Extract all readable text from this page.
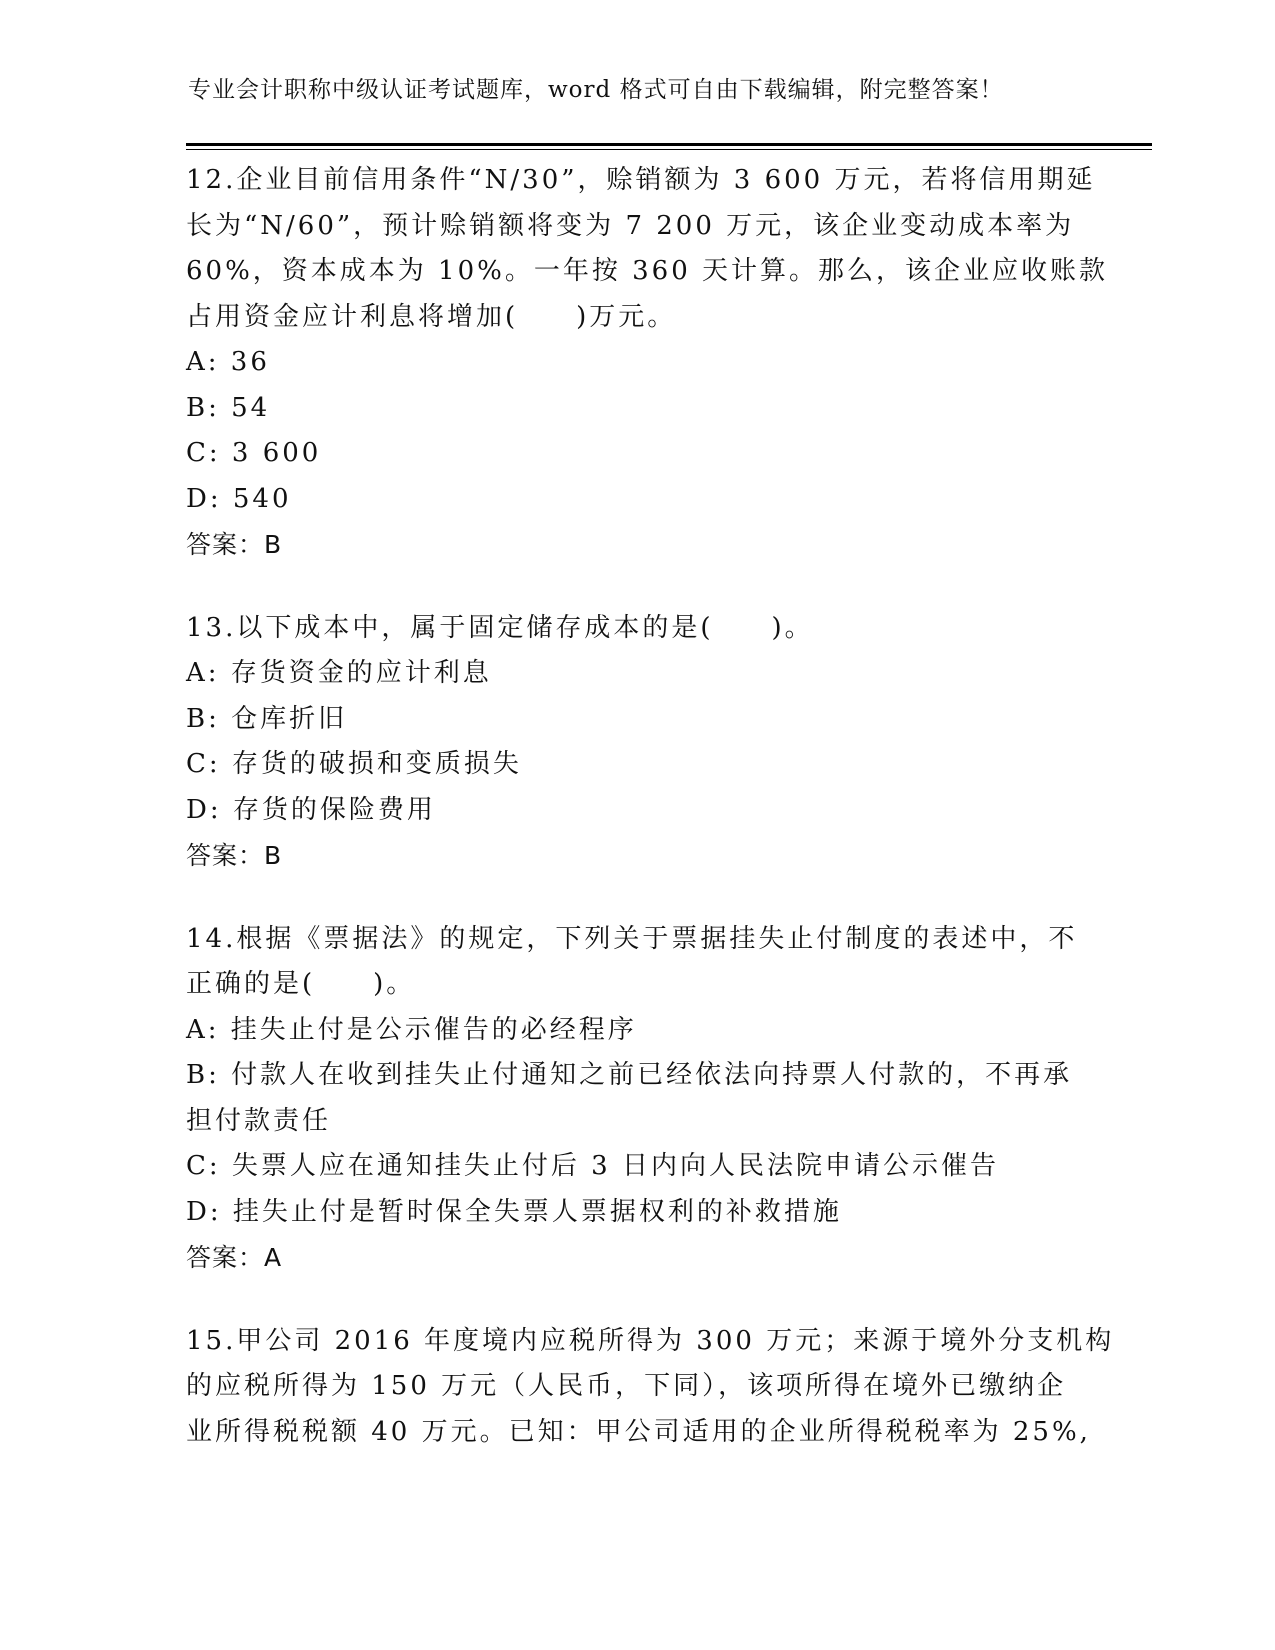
专业会计职称中级认证考试题库，word 格式可自由下载编辑，附完整答案！

12.企业目前信用条件“N/30”，赊销额为 3 600 万元，若将信用期延

长为“N/60”，预计赊销额将变为 7 200 万元，该企业变动成本率为

60%，资本成本为 10%。一年按 360 天计算。那么，该企业应收账款

占用资金应计利息将增加(　　)万元。

A: 36

B: 54

C: 3 600

D: 540

答案：B

13.以下成本中，属于固定储存成本的是(　　)。

A: 存货资金的应计利息

B: 仓库折旧

C: 存货的破损和变质损失

D: 存货的保险费用

答案：B

14.根据《票据法》的规定，下列关于票据挂失止付制度的表述中，不

正确的是(　　)。

A: 挂失止付是公示催告的必经程序

B: 付款人在收到挂失止付通知之前已经依法向持票人付款的，不再承

担付款责任

C: 失票人应在通知挂失止付后 3 日内向人民法院申请公示催告

D: 挂失止付是暂时保全失票人票据权利的补救措施

答案：A

15.甲公司 2016 年度境内应税所得为 300 万元；来源于境外分支机构

的应税所得为 150 万元（人民币，下同），该项所得在境外已缴纳企

业所得税税额 40 万元。已知：甲公司适用的企业所得税税率为 25%,
